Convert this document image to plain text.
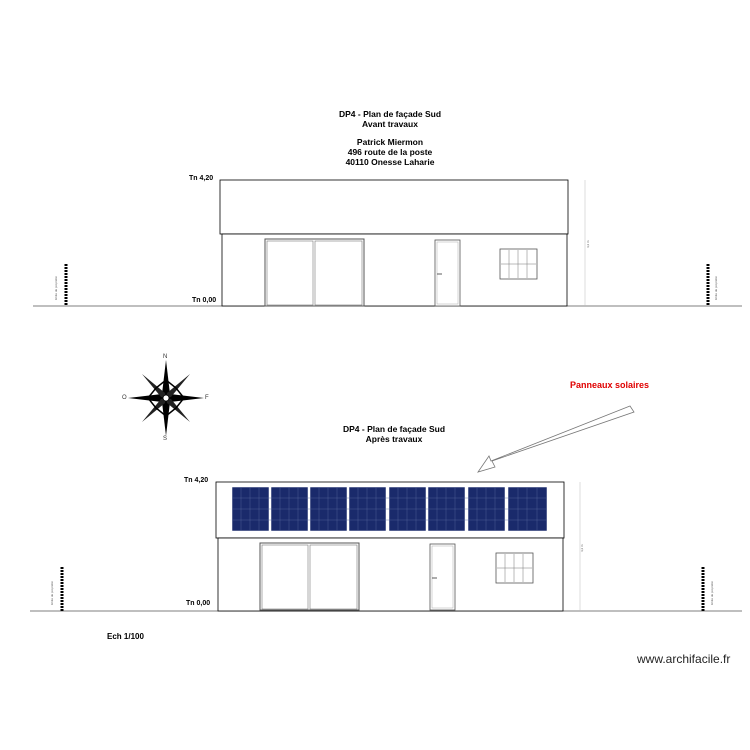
DP4 - Plan de façade Sud
Avant travaux
Patrick Miermon
496 route de la poste
40110 Onesse Laharie
Tn 4,20
Tn 0,00
4,2 m
4,2 m
limite de propriété	limite de propriété
limite de propriété	limite de propriété
N
S
O	F
Panneaux solaires
DP4 - Plan de façade Sud
Après travaux
Tn 4,20
Tn 0,00
Ech 1/100
www.archifacile.fr
